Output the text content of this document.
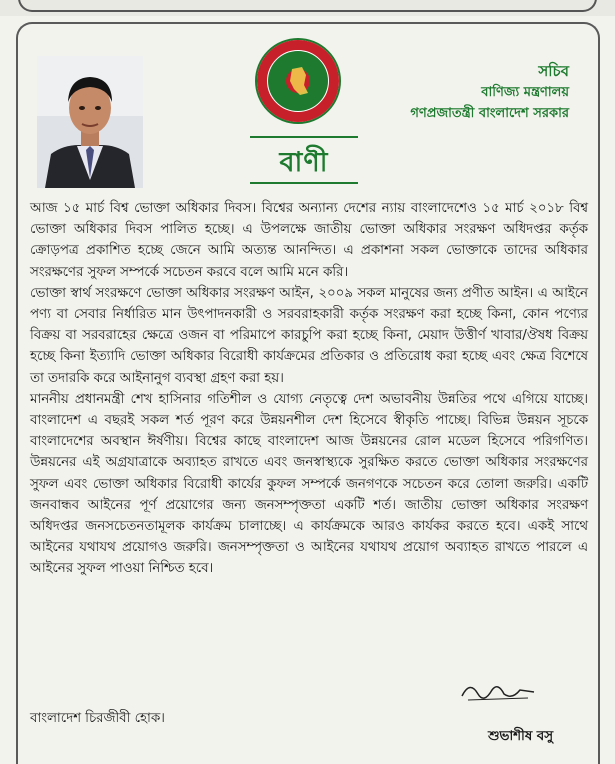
সচিব
বাণিজ্য মন্ত্রণালয়
গণপ্রজাতন্ত্রী বাংলাদেশ সরকার
বাণী

আজ ১৫ মার্চ বিশ্ব ভোক্তা অধিকার দিবস। বিশ্বের অন্যান্য দেশের ন্যায় বাংলাদেশেও ১৫ মার্চ ২০১৮ বিশ্ব ভোক্তা অধিকার দিবস পালিত হচ্ছে। এ উপলক্ষে জাতীয় ভোক্তা অধিকার সংরক্ষণ অধিদপ্তর কর্তৃক ক্রোড়পত্র প্রকাশিত হচ্ছে জেনে আমি অত্যন্ত আনন্দিত। এ প্রকাশনা সকল ভোক্তাকে তাদের অধিকার সংরক্ষণের সুফল সম্পর্কে সচেতন করবে বলে আমি মনে করি।

ভোক্তা স্বার্থ সংরক্ষণে ভোক্তা অধিকার সংরক্ষণ আইন, ২০০৯ সকল মানুষের জন্য প্রণীত আইন। এ আইনে পণ্য বা সেবার নির্ধারিত মান উৎপাদনকারী ও সরবরাহকারী কর্তৃক সংরক্ষণ করা হচ্ছে কিনা, কোন পণ্যের বিক্রয় বা সরবরাহের ক্ষেত্রে ওজন বা পরিমাপে কারচুপি করা হচ্ছে কিনা, মেয়াদ উত্তীর্ণ খাবার/ঔষধ বিক্রয় হচ্ছে কিনা ইত্যাদি ভোক্তা অধিকার বিরোধী কার্যক্রমের প্রতিকার ও প্রতিরোধ করা হচ্ছে এবং ক্ষেত্র বিশেষে তা তদারকি করে আইনানুগ ব্যবস্থা গ্রহণ করা হয়।

মাননীয় প্রধানমন্ত্রী শেখ হাসিনার গতিশীল ও যোগ্য নেতৃত্বে দেশ অভাবনীয় উন্নতির পথে এগিয়ে যাচ্ছে। বাংলাদেশ এ বছরই সকল শর্ত পূরণ করে উন্নয়নশীল দেশ হিসেবে স্বীকৃতি পাচ্ছে। বিভিন্ন উন্নয়ন সূচকে বাংলাদেশের অবস্থান ঈর্ষণীয়। বিশ্বের কাছে বাংলাদেশ আজ উন্নয়নের রোল মডেল হিসেবে পরিগণিত। উন্নয়নের এই অগ্রযাত্রাকে অব্যাহত রাখতে এবং জনস্বাস্থ্যকে সুরক্ষিত করতে ভোক্তা অধিকার সংরক্ষণের সুফল এবং ভোক্তা অধিকার বিরোধী কার্যের কুফল সম্পর্কে জনগণকে সচেতন করে তোলা জরুরি। একটি জনবান্ধব আইনের পূর্ণ প্রয়োগের জন্য জনসম্পৃক্ততা একটি শর্ত। জাতীয় ভোক্তা অধিকার সংরক্ষণ অধিদপ্তর জনসচেতনতামূলক কার্যক্রম চালাচ্ছে। এ কার্যক্রমকে আরও কার্যকর করতে হবে। একই সাথে আইনের যথাযথ প্রয়োগও জরুরি। জনসম্পৃক্ততা ও আইনের যথাযথ প্রয়োগ অব্যাহত রাখতে পারলে এ আইনের সুফল পাওয়া নিশ্চিত হবে।

বাংলাদেশ চিরজীবী হোক।
শুভাশীষ বসু
